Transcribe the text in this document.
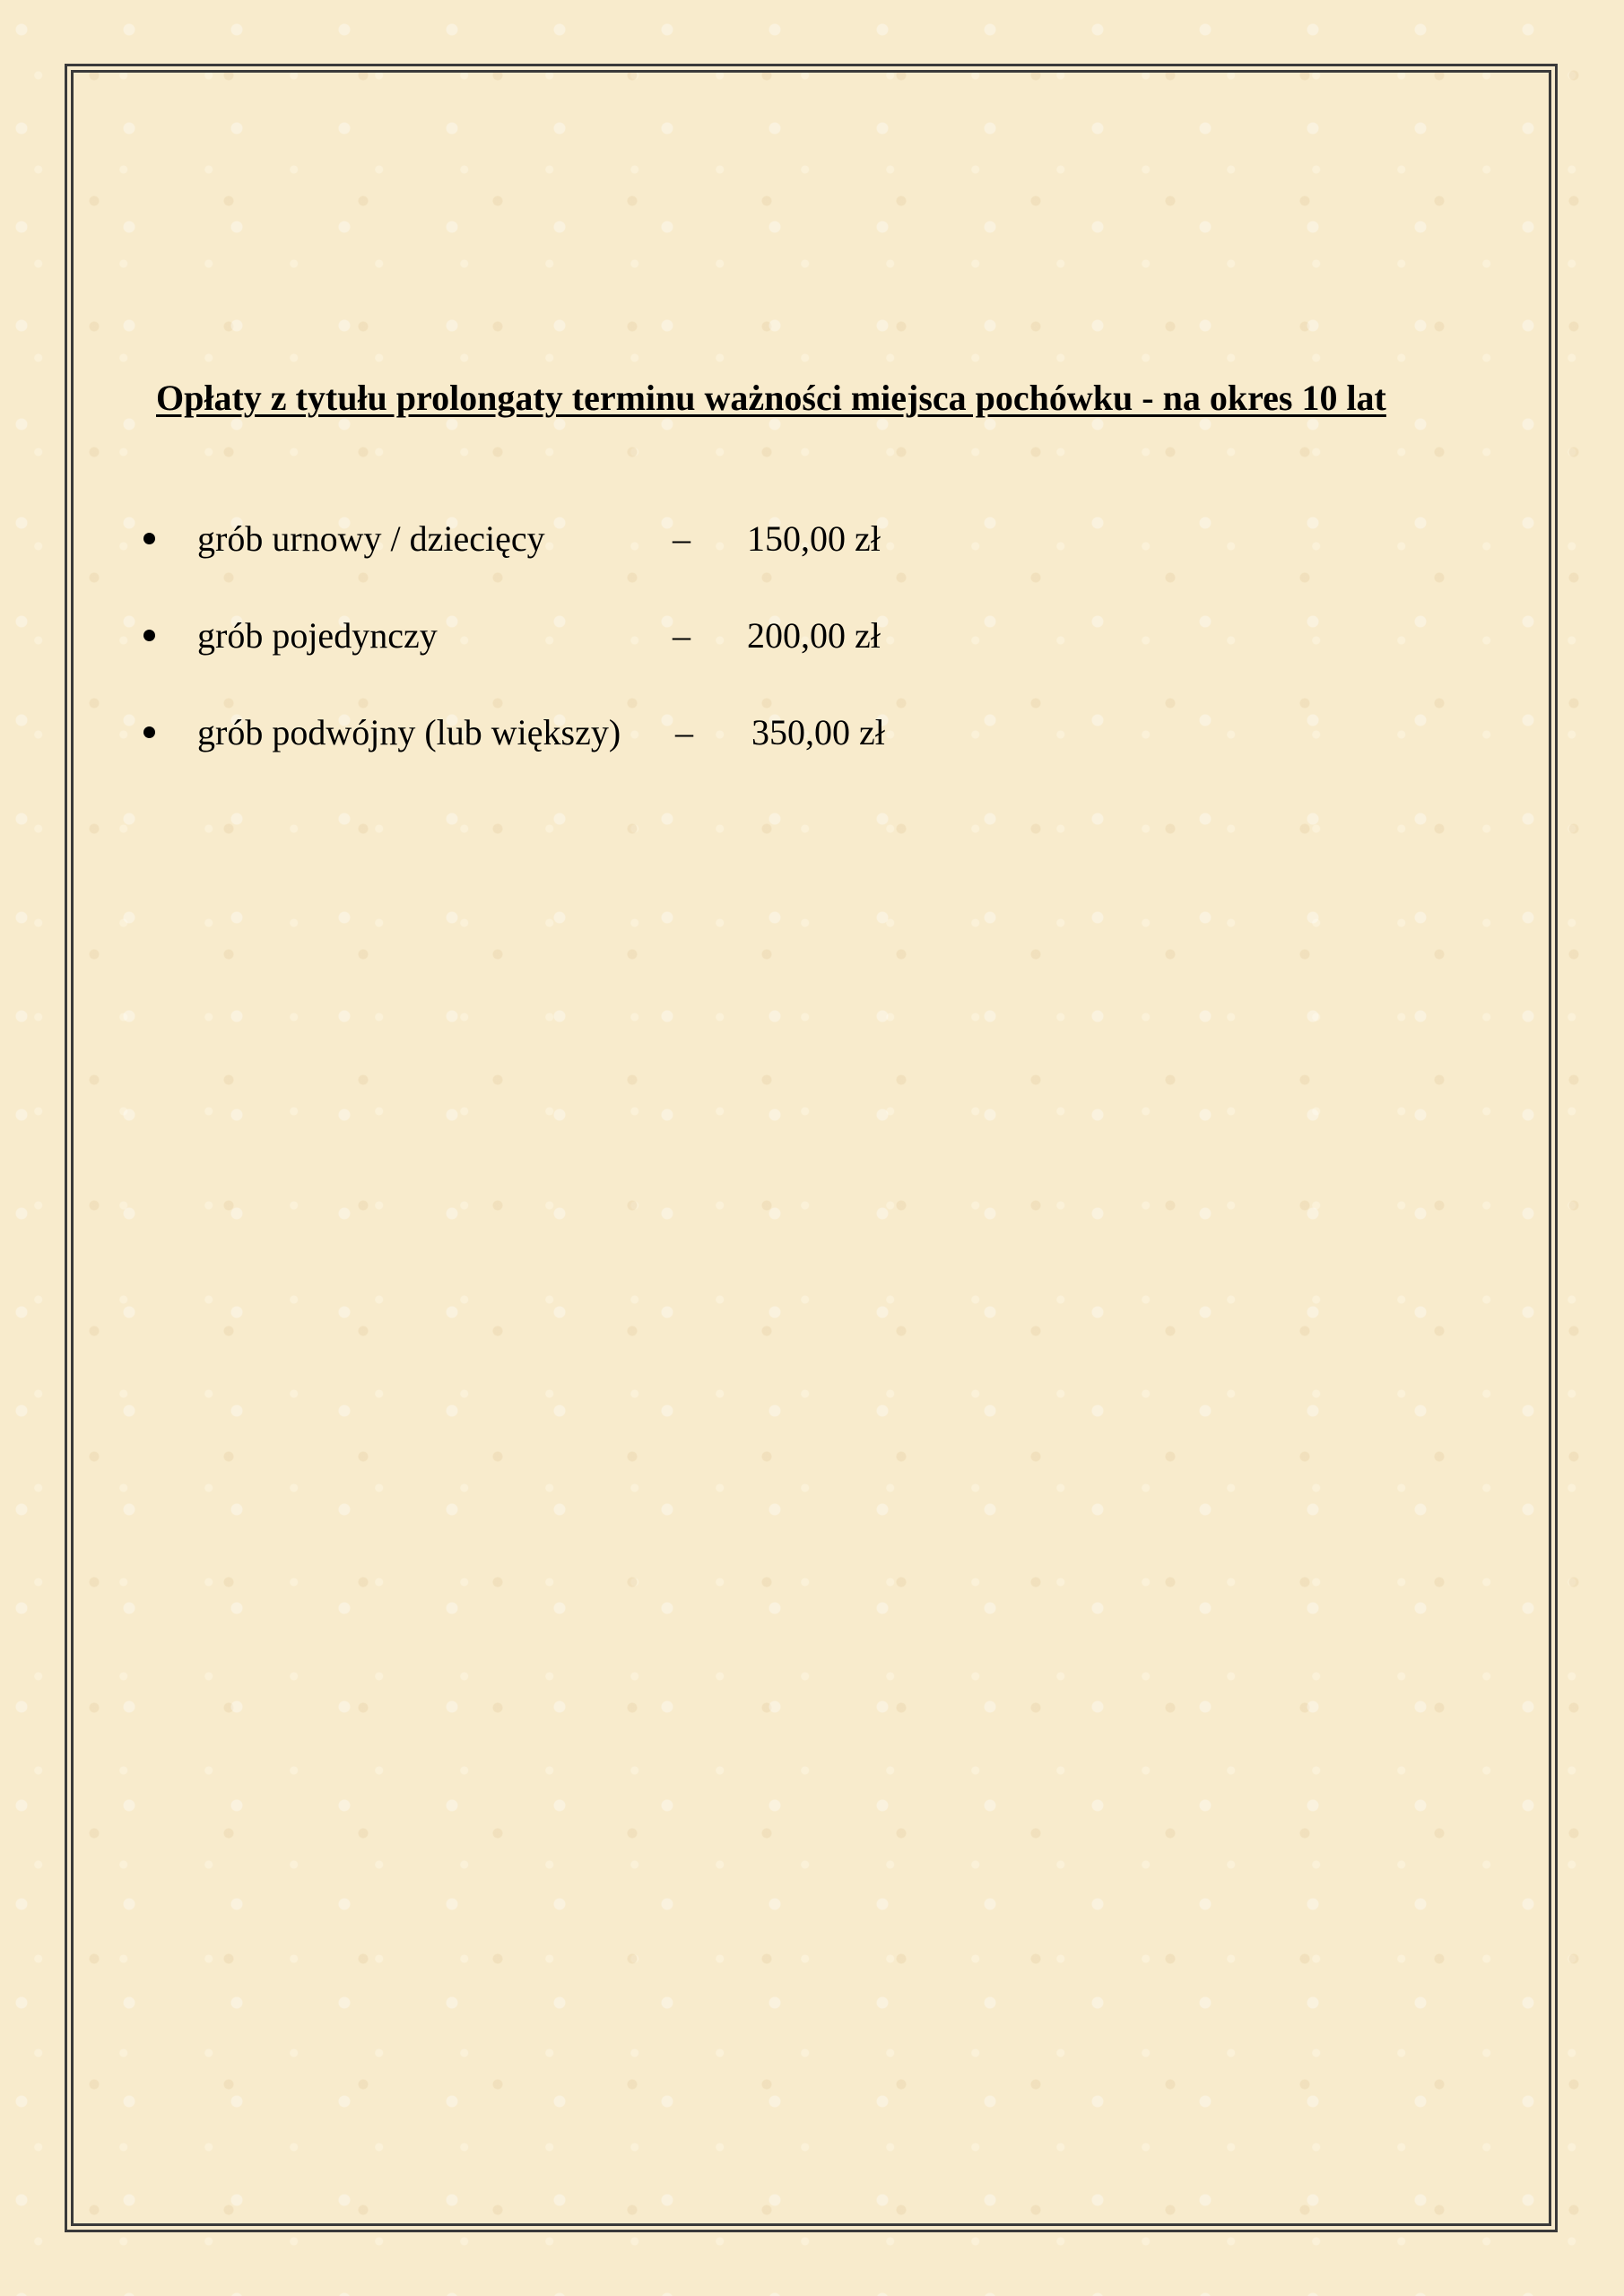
Opłaty z tytułu prolongaty terminu ważności miejsca pochówku - na okres 10 lat
grób urnowy / dziecięcy	– 150,00 zł
grób pojedynczy	– 200,00 zł
grób podwójny (lub większy) – 350,00 zł
